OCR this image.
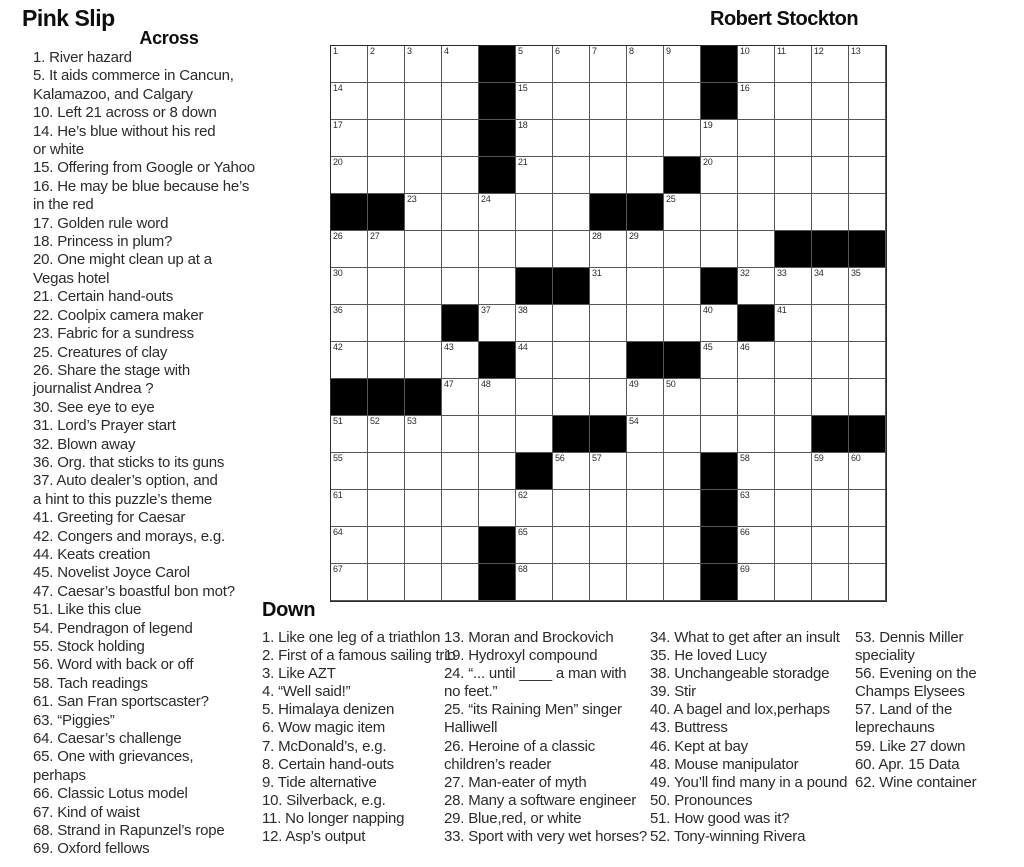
Pink Slip	Robert Stockton
Across
1. River hazard
5. It aids commerce in Cancun,
Kalamazoo, and Calgary
10. Left 21 across or 8 down
14. He’s blue without his red
or white
15. Offering from Google or Yahoo
16. He may be blue because he’s
in the red
17. Golden rule word
18. Princess in plum?
20. One might clean up at a
Vegas hotel
21. Certain hand-outs
22. Coolpix camera maker
23. Fabric for a sundress
25. Creatures of clay
26. Share the stage with
journalist Andrea ?
30. See eye to eye
31. Lord’s Prayer start
32. Blown away
36. Org. that sticks to its guns
37. Auto dealer’s option, and
a hint to this puzzle’s theme
41. Greeting for Caesar
42. Congers and morays, e.g.
44. Keats creation
45. Novelist Joyce Carol
47. Caesar’s boastful bon mot?
51. Like this clue
54. Pendragon of legend
55. Stock holding
56. Word with back or off
58. Tach readings
61. San Fran sportscaster?
63. “Piggies”
64. Caesar’s challenge
65. One with grievances,
perhaps
66. Classic Lotus model
67. Kind of waist
68. Strand in Rapunzel’s rope
69. Oxford fellows
1	2	3	4	5	6	7	8	9	10	11	12	13
14	15	16
17	18	19
20	21	20
23	24	25
26	27	28	29
30	31	32	33	34	35
36	37	38	40	41
42	43	44	45	46
47	48	49	50
51	52	53	54
55	56	57	58	59	60
61	62	63
64	65	66
67	68	69
Down
1. Like one leg of a triathlon
2. First of a famous sailing trio
3. Like AZT
4. “Well said!”
5. Himalaya denizen
6. Wow magic item
7. McDonald’s, e.g.
8. Certain hand-outs
9. Tide alternative
10. Silverback, e.g.
11. No longer napping
12. Asp’s output
13. Moran and Brockovich
19. Hydroxyl compound
24. “... until ____ a man with
no feet.”
25. “its Raining Men” singer
Halliwell
26. Heroine of a classic
children’s reader
27. Man-eater of myth
28. Many a software engineer
29. Blue,red, or white
33. Sport with very wet horses?
34. What to get after an insult
35. He loved Lucy
38. Unchangeable storadge
39. Stir
40. A bagel and lox,perhaps
43. Buttress
46. Kept at bay
48. Mouse manipulator
49. You’ll find many in a pound
50. Pronounces
51. How good was it?
52. Tony-winning Rivera
53. Dennis Miller
speciality
56. Evening on the
Champs Elysees
57. Land of the
leprechauns
59. Like 27 down
60. Apr. 15 Data
62. Wine container
